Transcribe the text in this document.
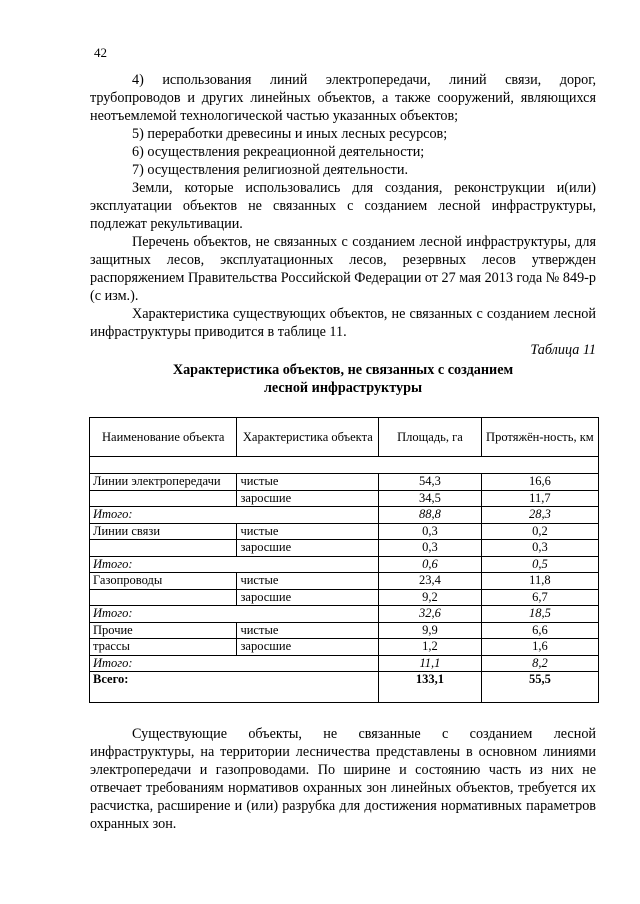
42

4) использования линий электропередачи, линий связи, дорог, трубопроводов и других линейных объектов, а также сооружений, являющихся неотъемлемой технологической частью указанных объектов;

5) переработки древесины и иных лесных ресурсов;

6) осуществления рекреационной деятельности;

7) осуществления религиозной деятельности.

Земли, которые использовались для создания, реконструкции и(или) эксплуатации объектов не связанных с созданием лесной инфраструктуры, подлежат рекультивации.

Перечень объектов, не связанных с созданием лесной инфраструктуры, для защитных лесов, эксплуатационных лесов, резервных лесов утвержден распоряжением Правительства Российской Федерации от 27 мая 2013 года № 849-р (с изм.).

Характеристика существующих объектов, не связанных с созданием лесной инфраструктуры приводится в таблице 11.

Таблица 11

Характеристика объектов, не связанных с созданием
лесной инфраструктуры
Наименование объекта	Характеристика объекта	Площадь, га	Протяжён-ность, км

Линии электропередачи	чистые	54,3	16,6
	заросшие	34,5	11,7
Итого:		88,8	28,3
Линии связи	чистые	0,3	0,2
	заросшие	0,3	0,3
Итого:		0,6	0,5
Газопроводы	чистые	23,4	11,8
	заросшие	9,2	6,7
Итого:		32,6	18,5
Прочие	чистые	9,9	6,6
трассы	заросшие	1,2	1,6
Итого:		11,1	8,2
Всего:		133,1	55,5

Существующие объекты, не связанные с созданием лесной инфраструктуры, на территории лесничества представлены в основном линиями электропередачи и газопроводами. По ширине и состоянию часть из них не отвечает требованиям нормативов охранных зон линейных объектов, требуется их расчистка, расширение и (или) разрубка для достижения нормативных параметров охранных зон.
